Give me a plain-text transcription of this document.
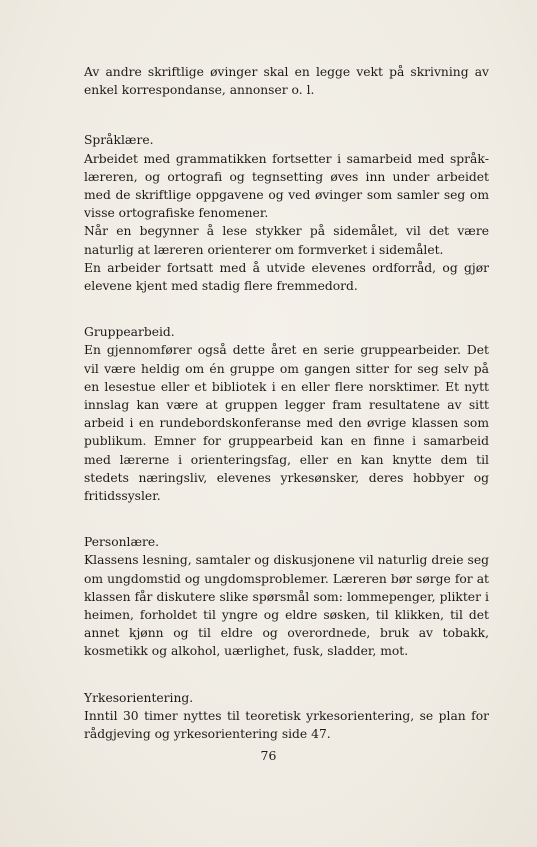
Av andre skriftlige øvinger skal en legge vekt på skrivning av enkel korrespondanse, annonser o. l.

Språklære.

Arbeidet med grammatikken fortsetter i samarbeid med språklæreren, og ortografi og tegnsetting øves inn under arbeidet med de skriftlige oppgavene og ved øvinger som samler seg om visse ortografiske fenomener.

Når en begynner å lese stykker på sidemålet, vil det være naturlig at læreren orienterer om formverket i sidemålet.

En arbeider fortsatt med å utvide elevenes ordforråd, og gjør elevene kjent med stadig flere fremmedord.

Gruppearbeid.

En gjennomfører også dette året en serie gruppearbeider. Det vil være heldig om én gruppe om gangen sitter for seg selv på en lesestue eller et bibliotek i en eller flere norsktimer. Et nytt innslag kan være at gruppen legger fram resultatene av sitt arbeid i en rundebordskonferanse med den øvrige klassen som publikum. Emner for gruppearbeid kan en finne i samarbeid med lærerne i orienteringsfag, eller en kan knytte dem til stedets næringsliv, elevenes yrkesønsker, deres hobbyer og fritidssysler.

Personlære.

Klassens lesning, samtaler og diskusjonene vil naturlig dreie seg om ungdomstid og ungdomsproblemer. Læreren bør sørge for at klassen får diskutere slike spørsmål som: lommepenger, plikter i heimen, forholdet til yngre og eldre søsken, til klikken, til det annet kjønn og til eldre og overordnede, bruk av tobakk, kosmetikk og alkohol, uærlighet, fusk, sladder, mot.

Yrkesorientering.

Inntil 30 timer nyttes til teoretisk yrkesorientering, se plan for rådgjeving og yrkesorientering side 47.

76
